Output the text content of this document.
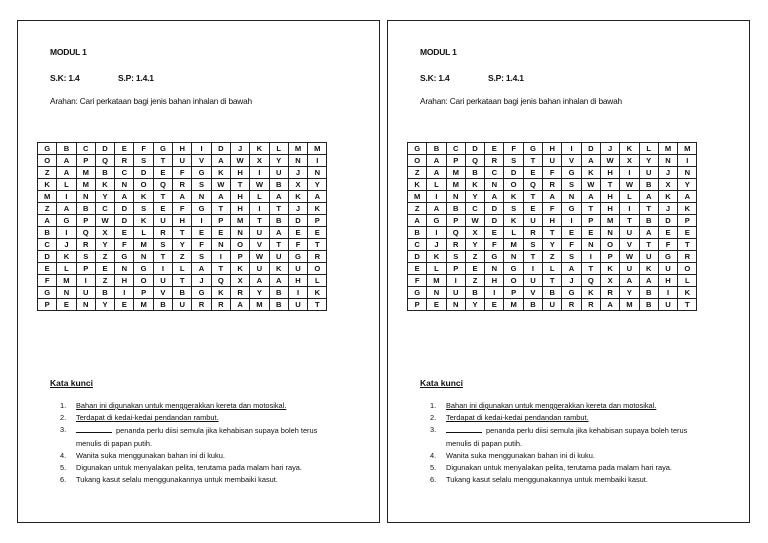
MODUL 1
S.K: 1.4	S.P: 1.4.1
Arahan: Cari perkataan bagi jenis bahan inhalan di bawah
G	B	C	D	E	F	G	H	I	D	J	K	L	M	M
O	A	P	Q	R	S	T	U	V	A	W	X	Y	N	I
Z	A	M	B	C	D	E	F	G	K	H	I	U	J	N
K	L	M	K	N	O	Q	R	S	W	T	W	B	X	Y
M	I	N	Y	A	K	T	A	N	A	H	L	A	K	A
Z	A	B	C	D	S	E	F	G	T	H	I	T	J	K
A	G	P	W	D	K	U	H	I	P	M	T	B	D	P
B	I	Q	X	E	L	R	T	E	E	N	U	A	E	E
C	J	R	Y	F	M	S	Y	F	N	O	V	T	F	T
D	K	S	Z	G	N	T	Z	S	I	P	W	U	G	R
E	L	P	E	N	G	I	L	A	T	K	U	K	U	O
F	M	I	Z	H	O	U	T	J	Q	X	A	A	H	L
G	N	U	B	I	P	V	B	G	K	R	Y	B	I	K
P	E	N	Y	E	M	B	U	R	R	A	M	B	U	T
Kata kunci
1.	Bahan ini digunakan untuk menggerakkan kereta dan motosikal.
2.	Terdapat di kedai-kedai pendandan rambut.
3.	penanda perlu diisi semula jika kehabisan supaya boleh terus
menulis di papan putih.
4.	Wanita suka menggunakan bahan ini di kuku.
5.	Digunakan untuk menyalakan pelita, terutama pada malam hari raya.
6.	Tukang kasut selalu menggunakannya untuk membaiki kasut.
MODUL 1
S.K: 1.4	S.P: 1.4.1
Arahan: Cari perkataan bagi jenis bahan inhalan di bawah
G	B	C	D	E	F	G	H	I	D	J	K	L	M	M
O	A	P	Q	R	S	T	U	V	A	W	X	Y	N	I
Z	A	M	B	C	D	E	F	G	K	H	I	U	J	N
K	L	M	K	N	O	Q	R	S	W	T	W	B	X	Y
M	I	N	Y	A	K	T	A	N	A	H	L	A	K	A
Z	A	B	C	D	S	E	F	G	T	H	I	T	J	K
A	G	P	W	D	K	U	H	I	P	M	T	B	D	P
B	I	Q	X	E	L	R	T	E	E	N	U	A	E	E
C	J	R	Y	F	M	S	Y	F	N	O	V	T	F	T
D	K	S	Z	G	N	T	Z	S	I	P	W	U	G	R
E	L	P	E	N	G	I	L	A	T	K	U	K	U	O
F	M	I	Z	H	O	U	T	J	Q	X	A	A	H	L
G	N	U	B	I	P	V	B	G	K	R	Y	B	I	K
P	E	N	Y	E	M	B	U	R	R	A	M	B	U	T
Kata kunci
1.	Bahan ini digunakan untuk menggerakkan kereta dan motosikal.
2.	Terdapat di kedai-kedai pendandan rambut.
3.	penanda perlu diisi semula jika kehabisan supaya boleh terus
menulis di papan putih.
4.	Wanita suka menggunakan bahan ini di kuku.
5.	Digunakan untuk menyalakan pelita, terutama pada malam hari raya.
6.	Tukang kasut selalu menggunakannya untuk membaiki kasut.
